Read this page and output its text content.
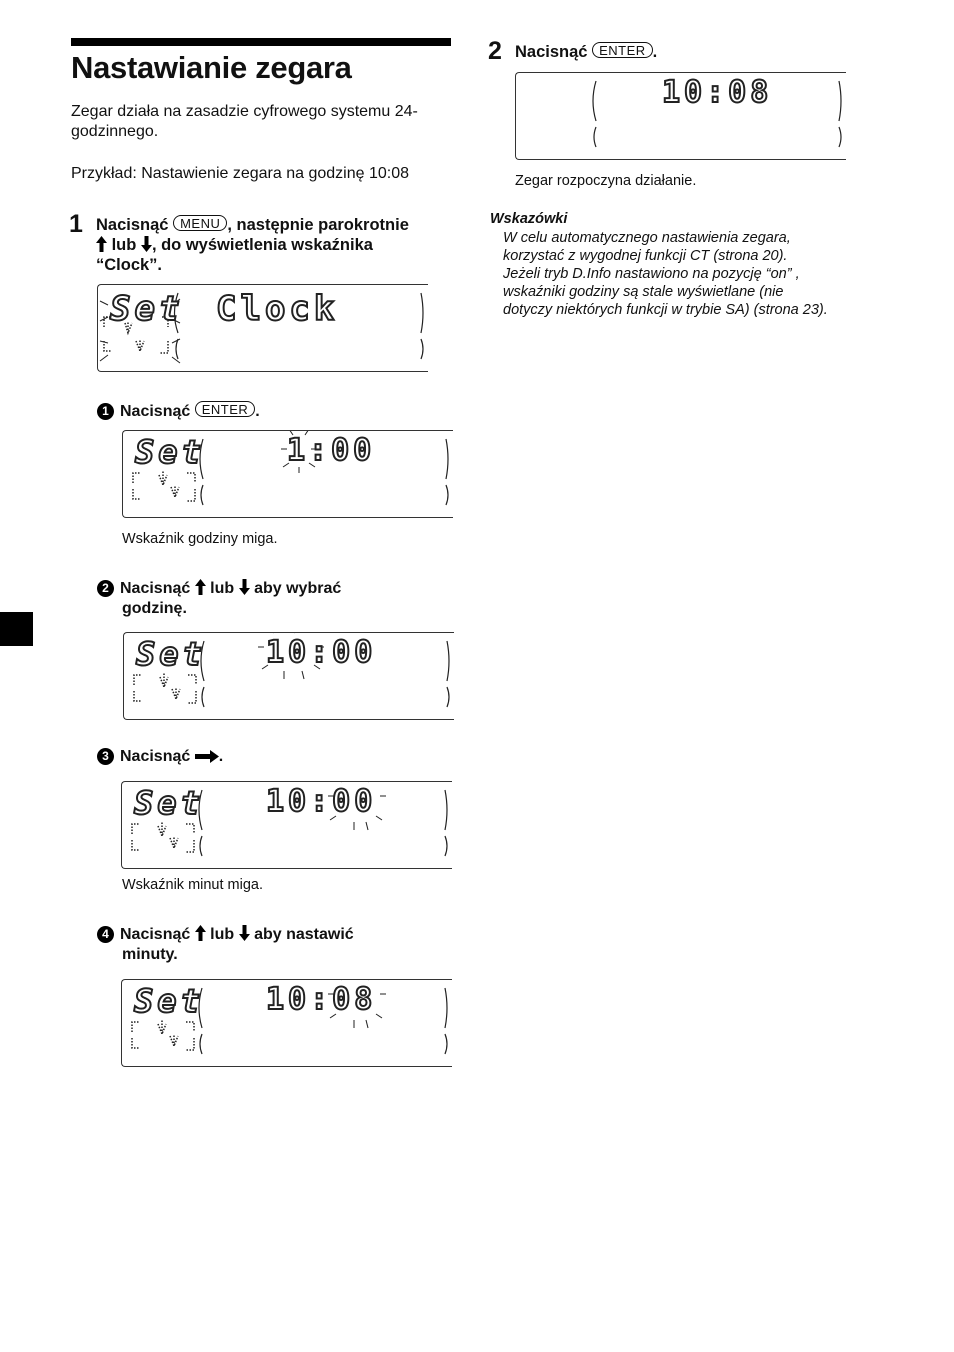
Nastawianie zegara
Zegar działa na zasadzie cyfrowego systemu 24-godzinnego.
Przykład: Nastawienie zegara na godzinę 10:08
1 Nacisnąć MENU , następnie parokrotnie
lub , do wyświetlenia wskaźnika
“Clock”.
Set Clock
1 Nacisnąć ENTER .
Set	1:00
Wskaźnik godziny miga.
2 Nacisnąć lub aby wybrać
godzinę.
Set 10:00
3 Nacisnąć .
Set 10:00
Wskaźnik minut miga.
4 Nacisnąć lub aby nastawić
minuty.
Set 10:08
2 Nacisnąć ENTER .
10:08
Zegar rozpoczyna działanie.
Wskazówki
W celu automatycznego nastawienia zegara,
korzystać z wygodnej funkcji CT (strona 20).
Jeżeli tryb D.Info nastawiono na pozycję “on” ,
wskaźniki godziny są stale wyświetlane (nie
dotyczy niektórych funkcji w trybie SA) (strona 23).
